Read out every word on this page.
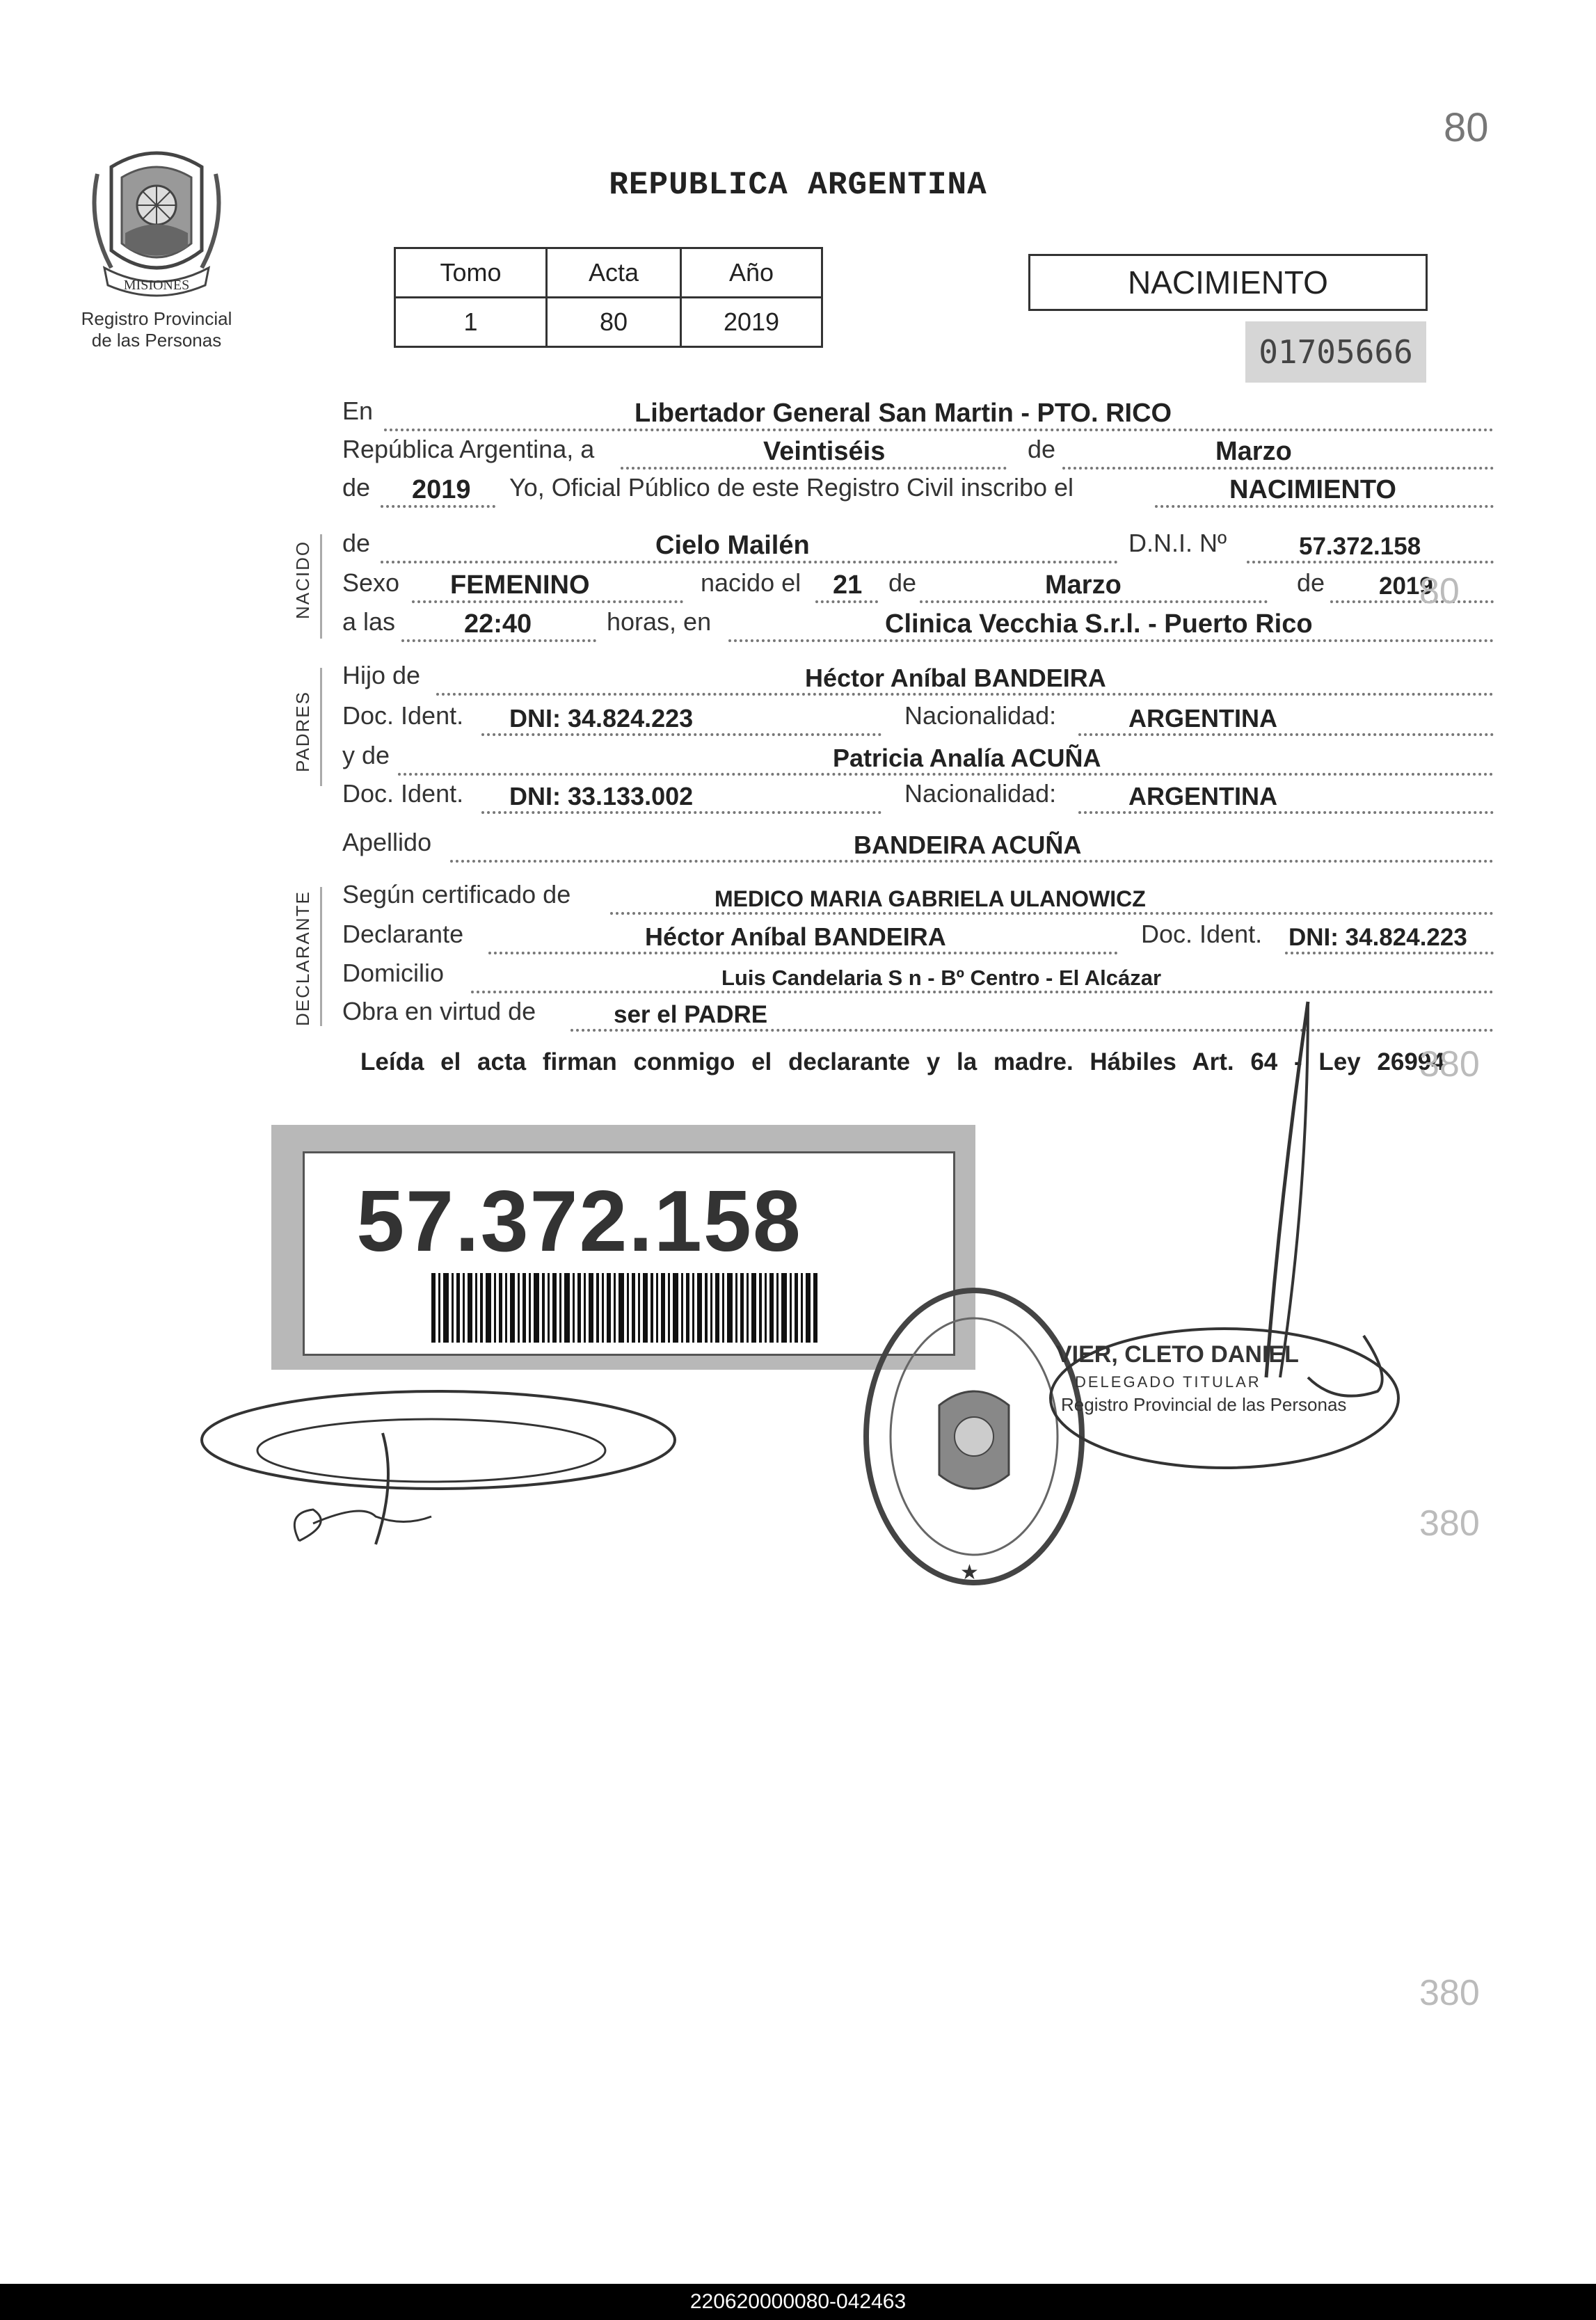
80
MISIONES
Registro Provincial
de las Personas
REPUBLICA ARGENTINA
Tomo	Acta	Año
1	80	2019
NACIMIENTO
01705666
En	Libertador General San Martin - PTO. RICO
República Argentina, a	Veintiséis	de	Marzo
de 2019 Yo, Oficial Público de este Registro Civil inscribo el	NACIMIENTO
NACIDO de	Cielo Mailén	D.N.I. Nº	57.372.158
Sexo FEMENINO	nacido el 21 de	Marzo	de 2019
a las	22:40	horas, en	Clinica Vecchia S.r.l. - Puerto Rico
PADRES
Hijo de	Héctor Aníbal BANDEIRA
Doc. Ident. DNI: 34.824.223	Nacionalidad:	ARGENTINA
y de	Patricia Analía ACUÑA
Doc. Ident. DNI: 33.133.002	Nacionalidad:	ARGENTINA
Apellido	BANDEIRA ACUÑA
DECLARANTE Según certificado de	MEDICO MARIA GABRIELA ULANOWICZ
Declarante	Héctor Aníbal BANDEIRA	Doc. Ident. DNI: 34.824.223
Domicilio	Luis Candelaria S n - Bº Centro - El Alcázar
Obra en virtud de	ser el PADRE
Leída el acta firman conmigo el declarante y la madre. Hábiles Art. 64 - Ley 26994
57.372.158
★
VIER, CLETO DANIEL
DELEGADO TITULAR
Registro Provincial de las Personas
80
380
380
380
220620000080-042463
